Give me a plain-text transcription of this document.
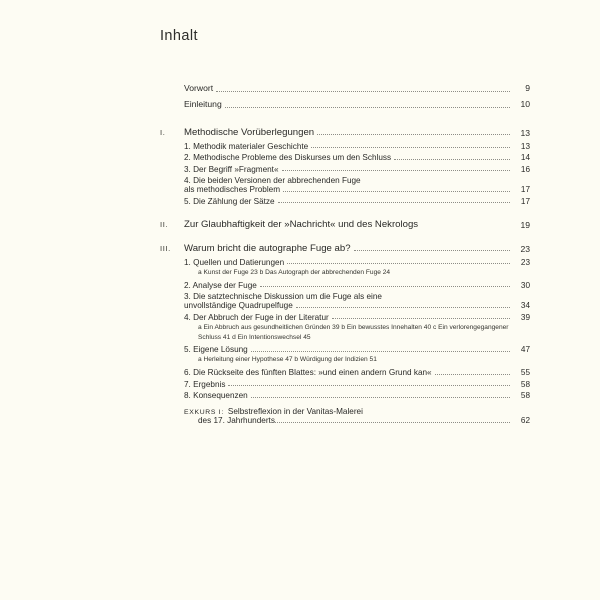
Inhalt
Vorwort	9
Einleitung	10
I.	Methodische Vorüberlegungen	13
1. Methodik materialer Geschichte	13
2. Methodische Probleme des Diskurses um den Schluss	14
3. Der Begriff »Fragment«	16
4. Die beiden Versionen der abbrechenden Fuge
als methodisches Problem	17
5. Die Zählung der Sätze	17
II.	Zur Glaubhaftigkeit der »Nachricht« und des Nekrologs	19
III.	Warum bricht die autographe Fuge ab?	23
1. Quellen und Datierungen	23
a Kunst der Fuge 23 b Das Autograph der abbrechenden Fuge 24
2. Analyse der Fuge	30
3. Die satztechnische Diskussion um die Fuge als eine
unvollständige Quadrupelfuge	34
4. Der Abbruch der Fuge in der Literatur	39
a Ein Abbruch aus gesundheitlichen Gründen 39 b Ein bewusstes Innehalten 40 c Ein verlorengegangener Schluss 41 d Ein Intentionswechsel 45
5. Eigene Lösung	47
a Herleitung einer Hypothese 47 b Würdigung der Indizien 51
6. Die Rückseite des fünften Blattes: »und einen andern Grund kan«	55
7. Ergebnis	58
8. Konsequenzen	58
EXKURS I: Selbstreflexion in der Vanitas-Malerei
des 17. Jahrhunderts	62
